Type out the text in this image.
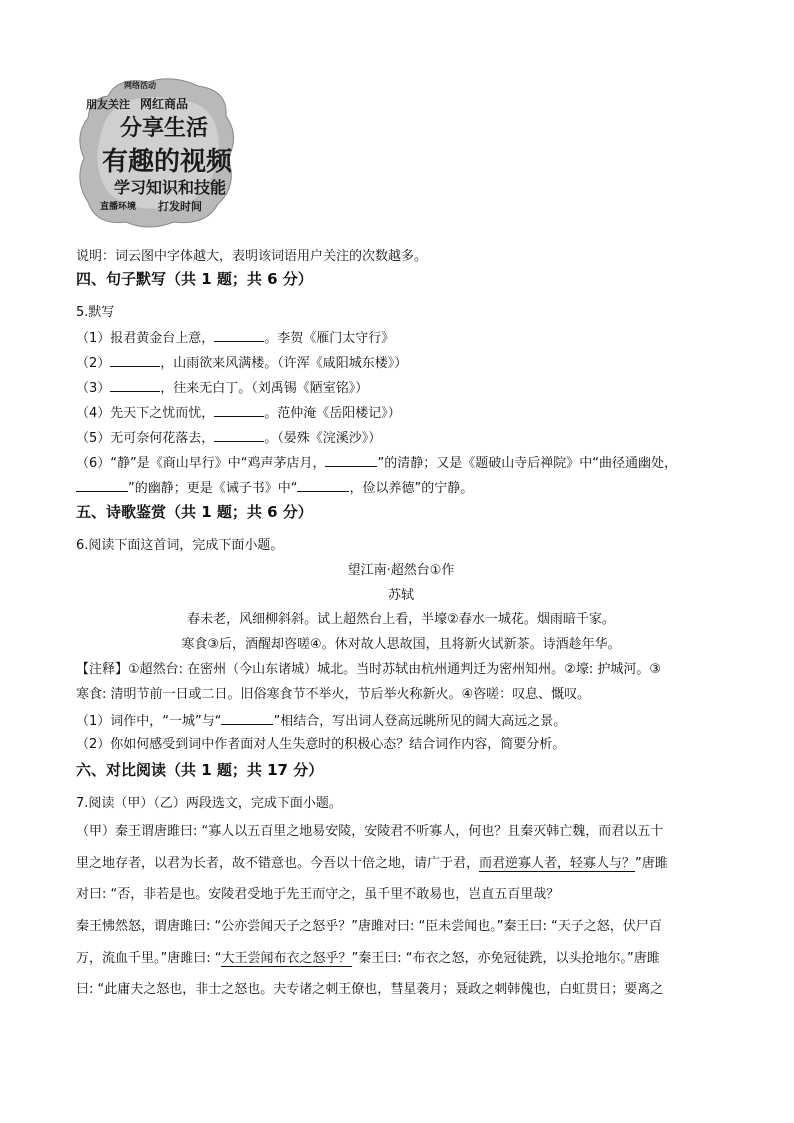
网络活动
朋友关注 网红商品
分享生活
有趣的视频
学习知识和技能
直播环境 打发时间
说明：词云图中字体越大，表明该词语用户关注的次数越多。
四、句子默写（共 1 题；共 6 分）
5.默写
（1）报君黄金台上意，	。李贺《雁门太守行》
（2）	，山雨欲来风满楼。（许浑《咸阳城东楼》）
（3）	，往来无白丁。（刘禹锡《陋室铭》）
（4）先天下之忧而忧，	。范仲淹《岳阳楼记》）
（5）无可奈何花落去，	。（晏殊《浣溪沙》）
（6）“静”是《商山早行》中“鸡声茅店月，	”的清静；又是《题破山寺后禅院》中“曲径通幽处，
”的幽静；更是《诫子书》中“	，俭以养德”的宁静。
五、诗歌鉴赏（共 1 题；共 6 分）
6.阅读下面这首词，完成下面小题。
望江南·超然台①作
苏轼
春未老，风细柳斜斜。试上超然台上看，半壕②春水一城花。烟雨暗千家。
寒食③后，酒醒却咨嗟④。休对故人思故国，且将新火试新茶。诗酒趁年华。
【注释】①超然台: 在密州（今山东诸城）城北。当时苏轼由杭州通判迁为密州知州。②壕: 护城河。③
寒食: 清明节前一日或二日。旧俗寒食节不举火，节后举火称新火。④咨嗟：叹息、慨叹。
（1）词作中，“一城”与“	”相结合，写出词人登高远眺所见的阔大高远之景。
（2）你如何感受到词中作者面对人生失意时的积极心态？结合词作内容，简要分析。
六、对比阅读（共 1 题；共 17 分）
7.阅读（甲）（乙）两段选文，完成下面小题。
（甲）秦王谓唐雎曰: “寡人以五百里之地易安陵，安陵君不听寡人，何也？且秦灭韩亡魏，而君以五十
里之地存者，以君为长者，故不错意也。今吾以十倍之地，请广于君，而君逆寡人者，轻寡人与？”唐雎
对曰: “否，非若是也。安陵君受地于先王而守之，虽千里不敢易也，岂直五百里哉？
秦王怫然怒，谓唐雎曰: “公亦尝闻天子之怒乎？”唐雎对曰: “臣未尝闻也。”秦王曰: “天子之怒，伏尸百
万，流血千里。”唐雎曰: “大王尝闻布衣之怒乎？”秦王曰: “布衣之怒，亦免冠徒跣，以头抢地尔。”唐雎
曰: “此庸夫之怒也，非士之怒也。夫专诸之刺王僚也，彗星袭月；聂政之刺韩傀也，白虹贯日；要离之
